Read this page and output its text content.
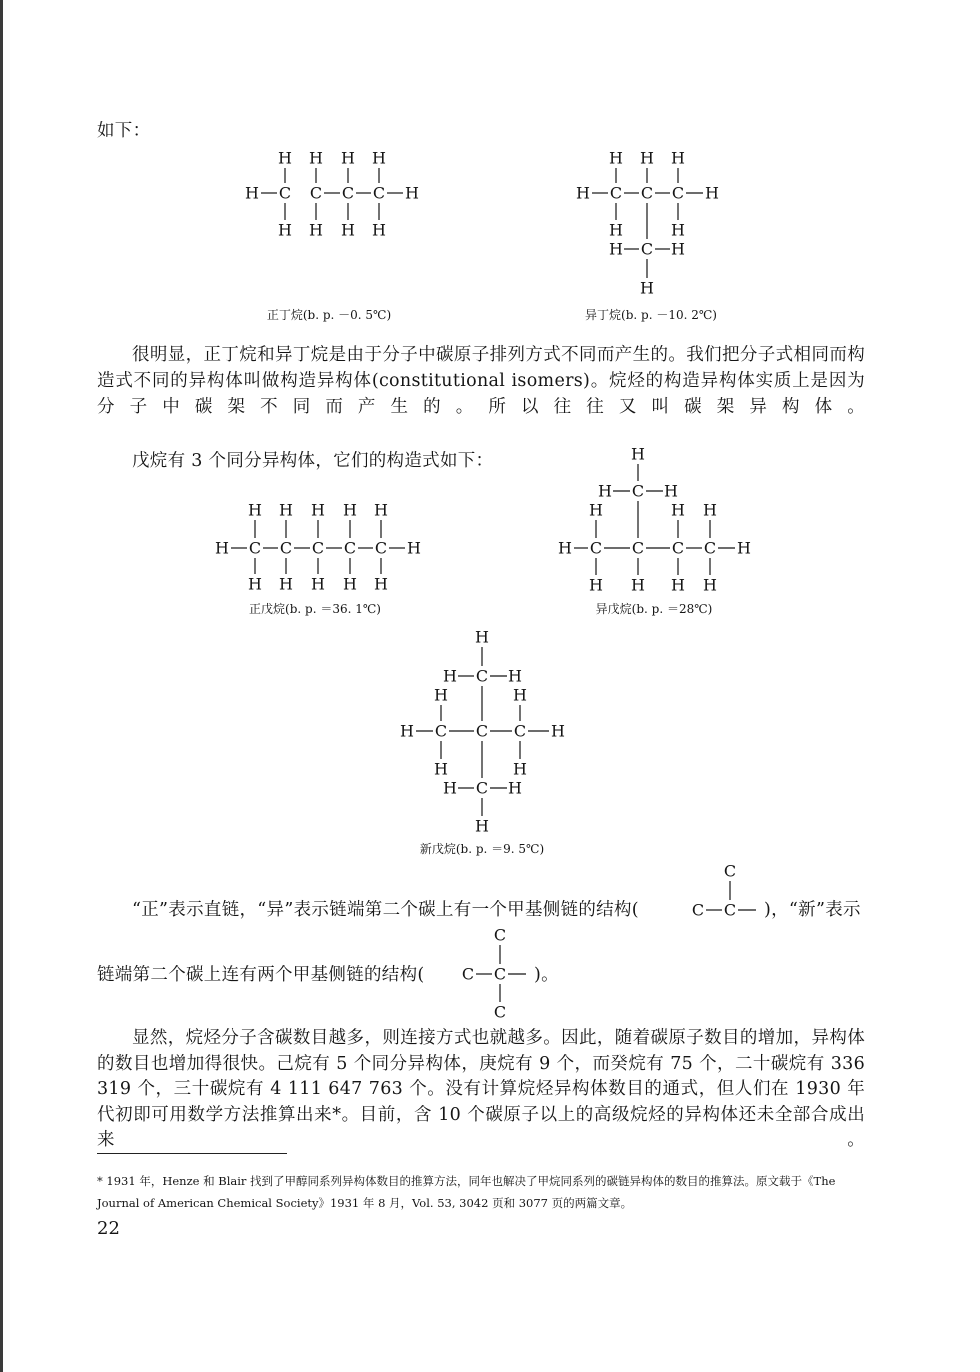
如下：

H H H H
H C C C C H
H H H H
H H H
H C C C H
H	H
H C H
H
正丁烷(b. p. －0. 5℃)	异丁烷(b. p. －10. 2℃)

很明显，正丁烷和异丁烷是由于分子中碳原子排列方式不同而产生的。我们把分子式相同而构造式不同的异构体叫做构造异构体(constitutional isomers)。烷烃的构造异构体实质上是因为分子中碳架不同而产生的。所以往往又叫碳架异构体。

戊烷有 3 个同分异构体，它们的构造式如下：

H H H H H
H C C C C C H
H H H H H
H
H C H
H	H H
H C C C C H
H H H H
正戊烷(b. p. ＝36. 1℃)	异戊烷(b. p. ＝28℃)
H
H C H
H	H
H C C C H
H	H
H C H
H
新戊烷(b. p. ＝9. 5℃)
“正”表示直链，“异”表示链端第二个碳上有一个甲基侧链的结构(
C
C C )，“新”表示
链端第二个碳上连有两个甲基侧链的结构(
C
C C
C
)。

显然，烷烃分子含碳数目越多，则连接方式也就越多。因此，随着碳原子数目的增加，异构体的数目也增加得很快。己烷有 5 个同分异构体，庚烷有 9 个，而癸烷有 75 个，二十碳烷有 336 319 个，三十碳烷有 4 111 647 763 个。没有计算烷烃异构体数目的通式，但人们在 1930 年代初即可用数学方法推算出来*。目前，含 10 个碳原子以上的高级烷烃的异构体还未全部合成出来。

* 1931 年，Henze 和 Blair 找到了甲醇同系列异构体数目的推算方法，同年也解决了甲烷同系列的碳链异构体的数目的推算法。原文载于《The Journal of American Chemical Society》1931 年 8 月，Vol. 53, 3042 页和 3077 页的两篇文章。

22
